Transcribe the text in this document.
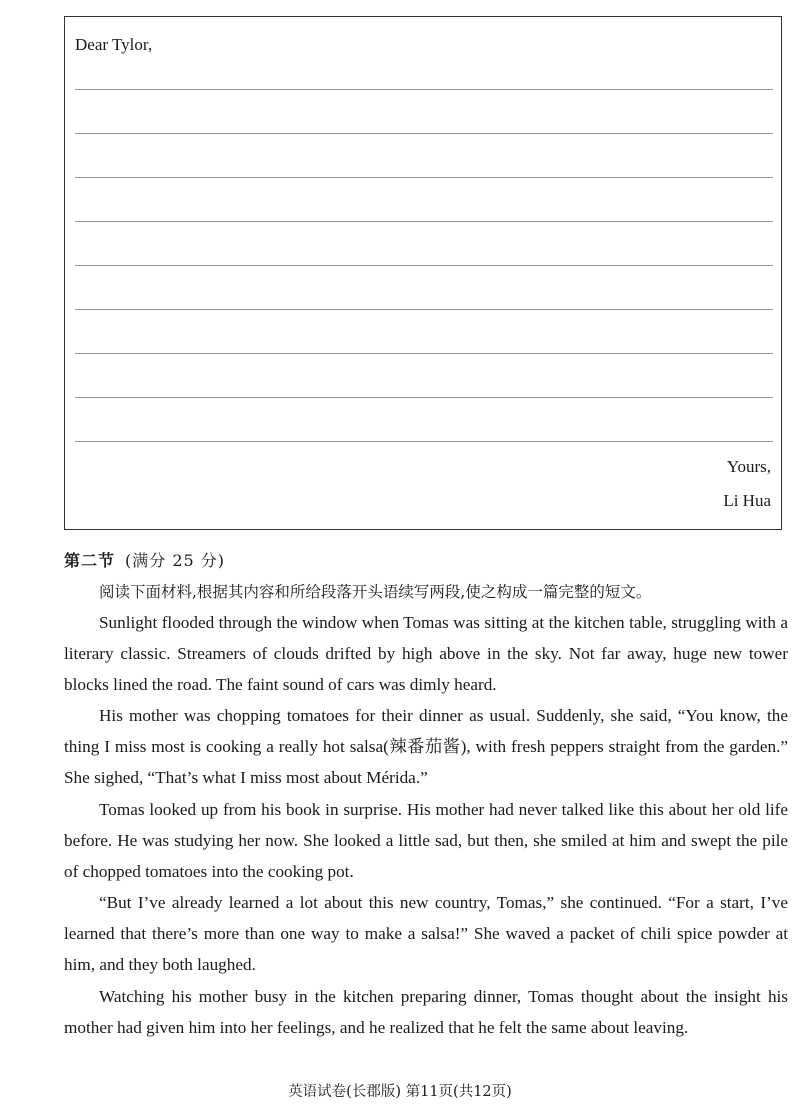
Dear Tylor,
Yours,
Li Hua
第二节 (满分 25 分)
阅读下面材料,根据其内容和所给段落开头语续写两段,使之构成一篇完整的短文。

Sunlight flooded through the window when Tomas was sitting at the kitchen table, struggling with a literary classic. Streamers of clouds drifted by high above in the sky. Not far away, huge new tower blocks lined the road. The faint sound of cars was dimly heard.

His mother was chopping tomatoes for their dinner as usual. Suddenly, she said, “You know, the thing I miss most is cooking a really hot salsa(辣番茄酱), with fresh peppers straight from the garden.” She sighed, “That’s what I miss most about Mérida.”

Tomas looked up from his book in surprise. His mother had never talked like this about her old life before. He was studying her now. She looked a little sad, but then, she smiled at him and swept the pile of chopped tomatoes into the cooking pot.

“But I’ve already learned a lot about this new country, Tomas,” she continued. “For a start, I’ve learned that there’s more than one way to make a salsa!” She waved a packet of chili spice powder at him, and they both laughed.

Watching his mother busy in the kitchen preparing dinner, Tomas thought about the insight his mother had given him into her feelings, and he realized that he felt the same about leaving.

英语试卷(长郡版) 第11页(共12页)
